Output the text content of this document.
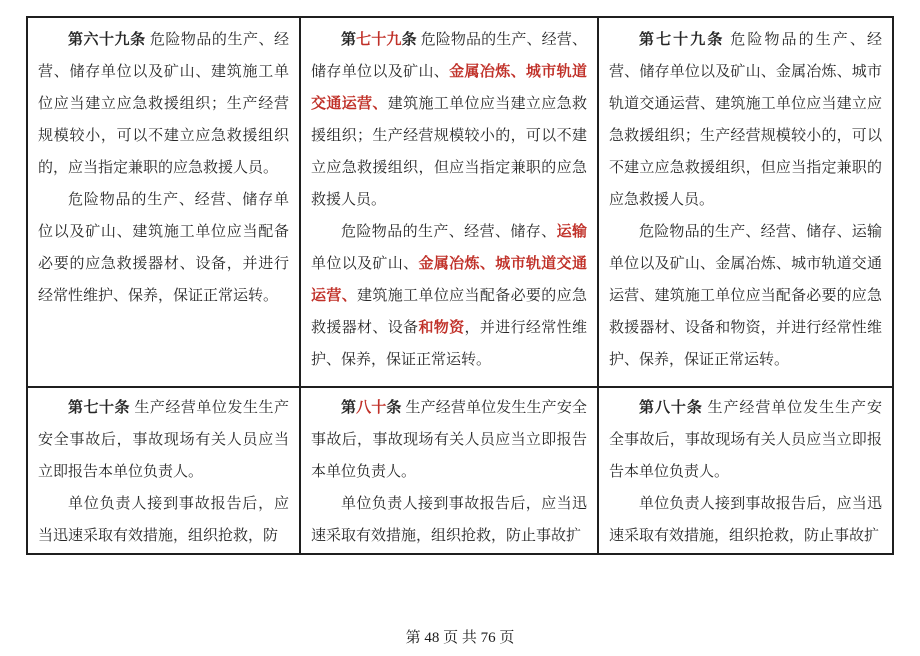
第六十九条 危险物品的生产、经营、储存单位以及矿山、建筑施工单位应当建立应急救援组织；生产经营规模较小，可以不建立应急救援组织的，应当指定兼职的应急救援人员。

危险物品的生产、经营、储存单位以及矿山、建筑施工单位应当配备必要的应急救援器材、设备，并进行经常性维护、保养，保证正常运转。

第七十九条 危险物品的生产、经营、储存单位以及矿山、金属冶炼、城市轨道交通运营、建筑施工单位应当建立应急救援组织；生产经营规模较小的，可以不建立应急救援组织，但应当指定兼职的应急救援人员。

危险物品的生产、经营、储存、运输单位以及矿山、金属冶炼、城市轨道交通运营、建筑施工单位应当配备必要的应急救援器材、设备和物资，并进行经常性维护、保养，保证正常运转。

第七十九条 危险物品的生产、经营、储存单位以及矿山、金属冶炼、城市轨道交通运营、建筑施工单位应当建立应急救援组织；生产经营规模较小的，可以不建立应急救援组织，但应当指定兼职的应急救援人员。

危险物品的生产、经营、储存、运输单位以及矿山、金属冶炼、城市轨道交通运营、建筑施工单位应当配备必要的应急救援器材、设备和物资，并进行经常性维护、保养，保证正常运转。

第七十条 生产经营单位发生生产安全事故后，事故现场有关人员应当立即报告本单位负责人。

单位负责人接到事故报告后，应当迅速采取有效措施，组织抢救，防

第八十条 生产经营单位发生生产安全事故后，事故现场有关人员应当立即报告本单位负责人。

单位负责人接到事故报告后，应当迅速采取有效措施，组织抢救，防止事故扩

第八十条 生产经营单位发生生产安全事故后，事故现场有关人员应当立即报告本单位负责人。

单位负责人接到事故报告后，应当迅速采取有效措施，组织抢救，防止事故扩

第 48 页 共 76 页
